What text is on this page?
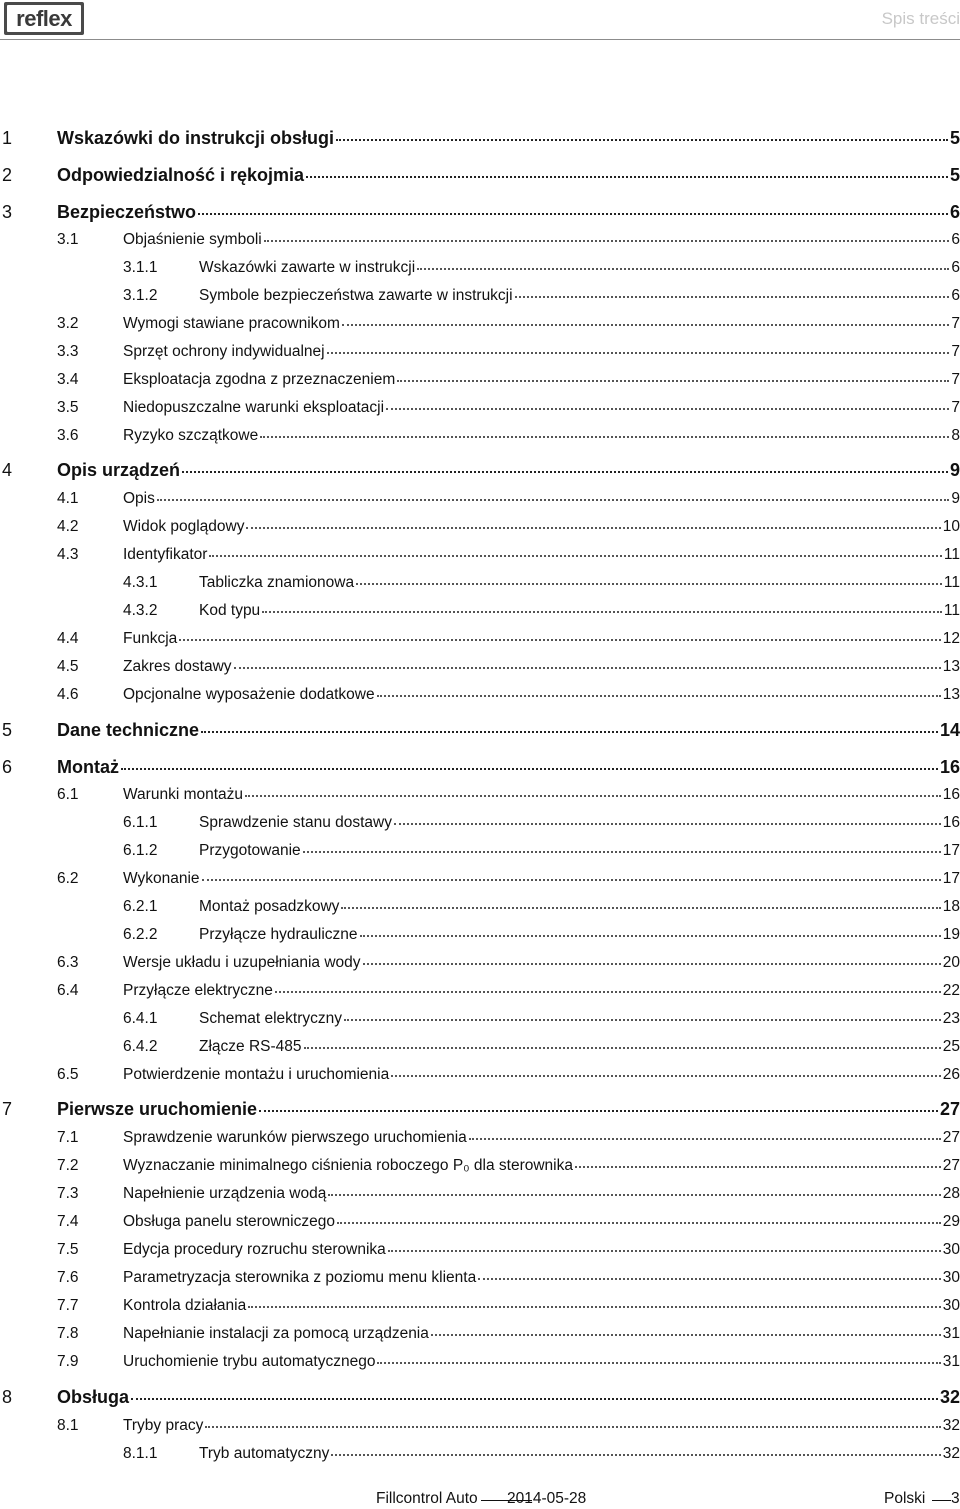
reflex	Spis treści
1 Wskazówki do instrukcji obsługi	5
2 Odpowiedzialność i rękojmia	5
3 Bezpieczeństwo	6
3.1	Objaśnienie symboli	6
3.1.1	Wskazówki zawarte w instrukcji	6
3.1.2	Symbole bezpieczeństwa zawarte w instrukcji	6
3.2	Wymogi stawiane pracownikom	7
3.3	Sprzęt ochrony indywidualnej	7
3.4	Eksploatacja zgodna z przeznaczeniem	7
3.5	Niedopuszczalne warunki eksploatacji	7
3.6	Ryzyko szczątkowe	8
4 Opis urządzeń	9
4.1	Opis	9
4.2	Widok poglądowy	10
4.3	Identyfikator	11
4.3.1	Tabliczka znamionowa	11
4.3.2	Kod typu	11
4.4	Funkcja	12
4.5	Zakres dostawy	13
4.6	Opcjonalne wyposażenie dodatkowe	13
5 Dane techniczne	14
6 Montaż	16
6.1	Warunki montażu	16
6.1.1	Sprawdzenie stanu dostawy	16
6.1.2	Przygotowanie	17
6.2	Wykonanie	17
6.2.1	Montaż posadzkowy	18
6.2.2	Przyłącze hydrauliczne	19
6.3	Wersje układu i uzupełniania wody	20
6.4	Przyłącze elektryczne	22
6.4.1	Schemat elektryczny	23
6.4.2	Złącze RS-485	25
6.5	Potwierdzenie montażu i uruchomienia	26
7 Pierwsze uruchomienie	27
7.1	Sprawdzenie warunków pierwszego uruchomienia	27
7.2	Wyznaczanie minimalnego ciśnienia roboczego P₀ dla sterownika	27
7.3	Napełnienie urządzenia wodą	28
7.4	Obsługa panelu sterowniczego	29
7.5	Edycja procedury rozruchu sterownika	30
7.6	Parametryzacja sterownika z poziomu menu klienta	30
7.7	Kontrola działania	30
7.8	Napełnianie instalacji za pomocą urządzenia	31
7.9	Uruchomienie trybu automatycznego	31
8 Obsługa	32
8.1	Tryby pracy	32
8.1.1	Tryb automatyczny	32
Fillcontrol Auto 2014-05-28	Polski 3
